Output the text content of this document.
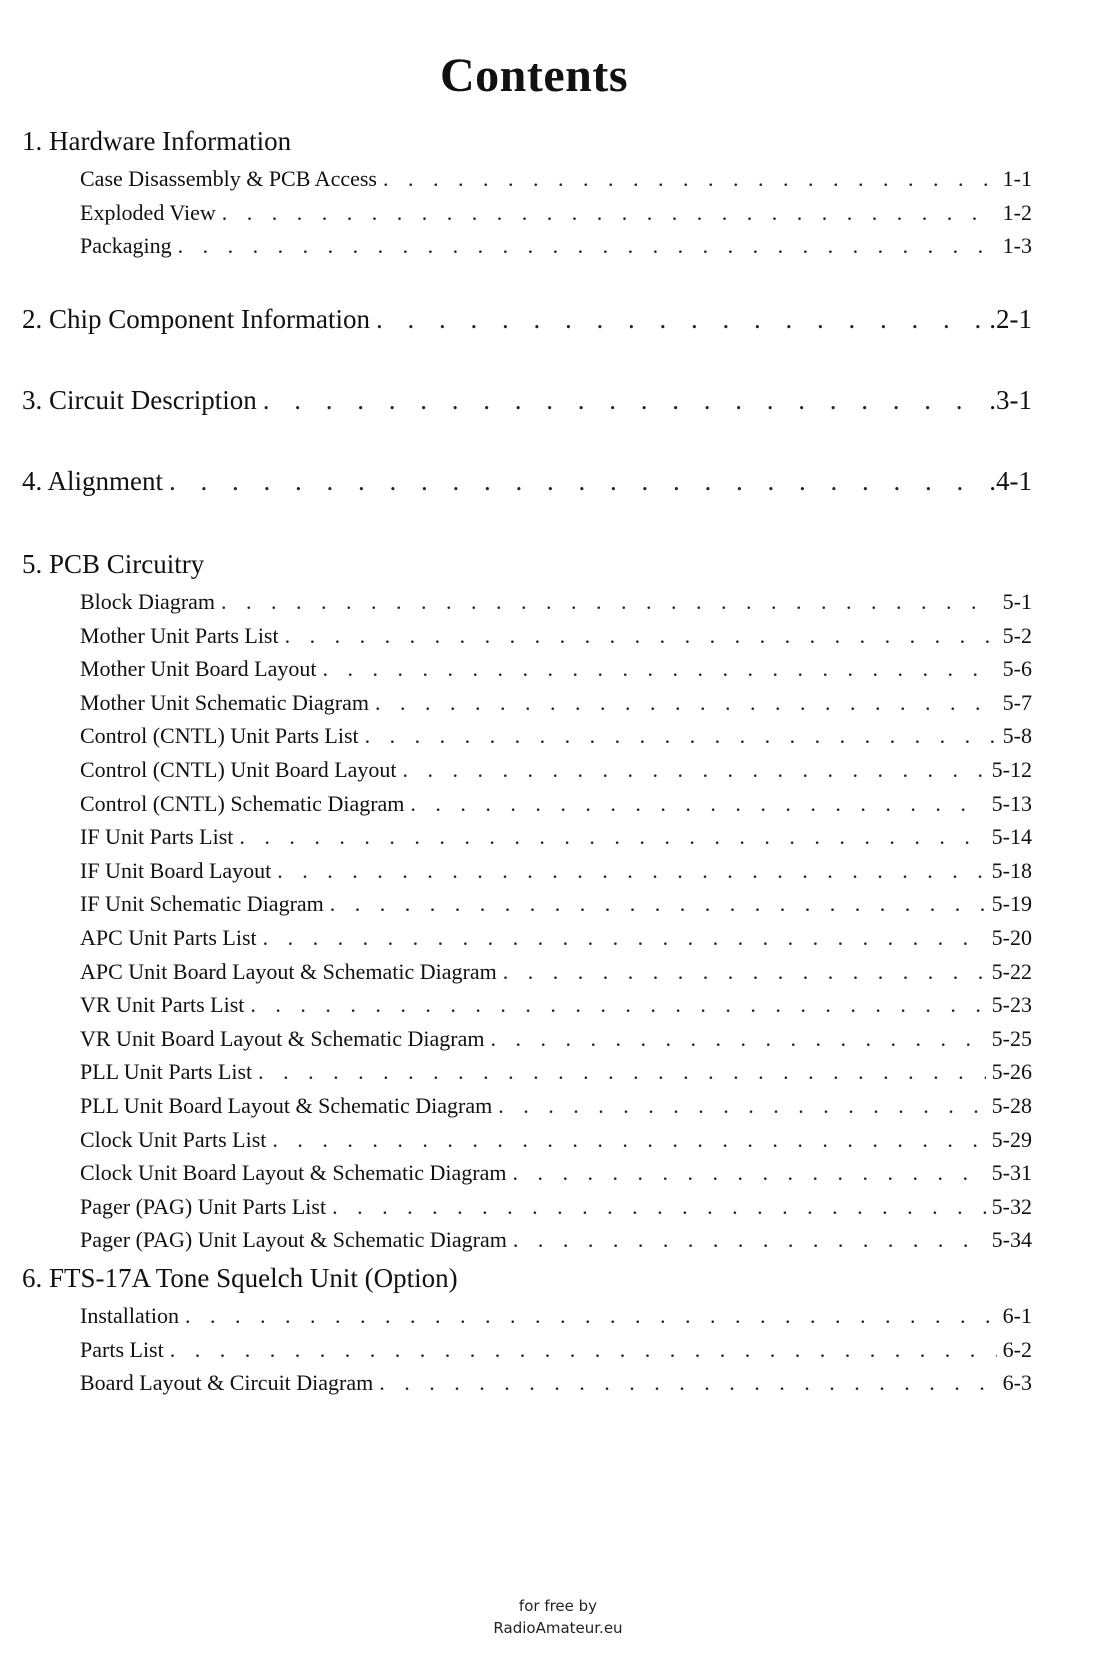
Contents
1. Hardware Information
Case Disassembly & PCB Access . . .	1-1
Exploded View . . .	1-2
Packaging . . .	1-3
2. Chip Component Information . . .	.2-1
3. Circuit Description . . .	.3-1
4. Alignment . . .	.4-1
5. PCB Circuitry
Block Diagram . . .	5-1
Mother Unit Parts List . . .	5-2
Mother Unit Board Layout . . .	5-6
Mother Unit Schematic Diagram . . .	5-7
Control (CNTL) Unit Parts List . . .	5-8
Control (CNTL) Unit Board Layout . . .	5-12
Control (CNTL) Schematic Diagram . . .	5-13
IF Unit Parts List . . .	5-14
IF Unit Board Layout . . .	5-18
IF Unit Schematic Diagram . . .	5-19
APC Unit Parts List . . .	5-20
APC Unit Board Layout & Schematic Diagram . . .	5-22
VR Unit Parts List . . .	5-23
VR Unit Board Layout & Schematic Diagram . . .	5-25
PLL Unit Parts List . . .	5-26
PLL Unit Board Layout & Schematic Diagram . . .	5-28
Clock Unit Parts List . . .	5-29
Clock Unit Board Layout & Schematic Diagram . . .	5-31
Pager (PAG) Unit Parts List . . .	5-32
Pager (PAG) Unit Layout & Schematic Diagram . . .	5-34
6. FTS-17A Tone Squelch Unit (Option)
Installation . . .	6-1
Parts List . . .	6-2
Board Layout & Circuit Diagram . . .	6-3
for free by
RadioAmateur.eu
